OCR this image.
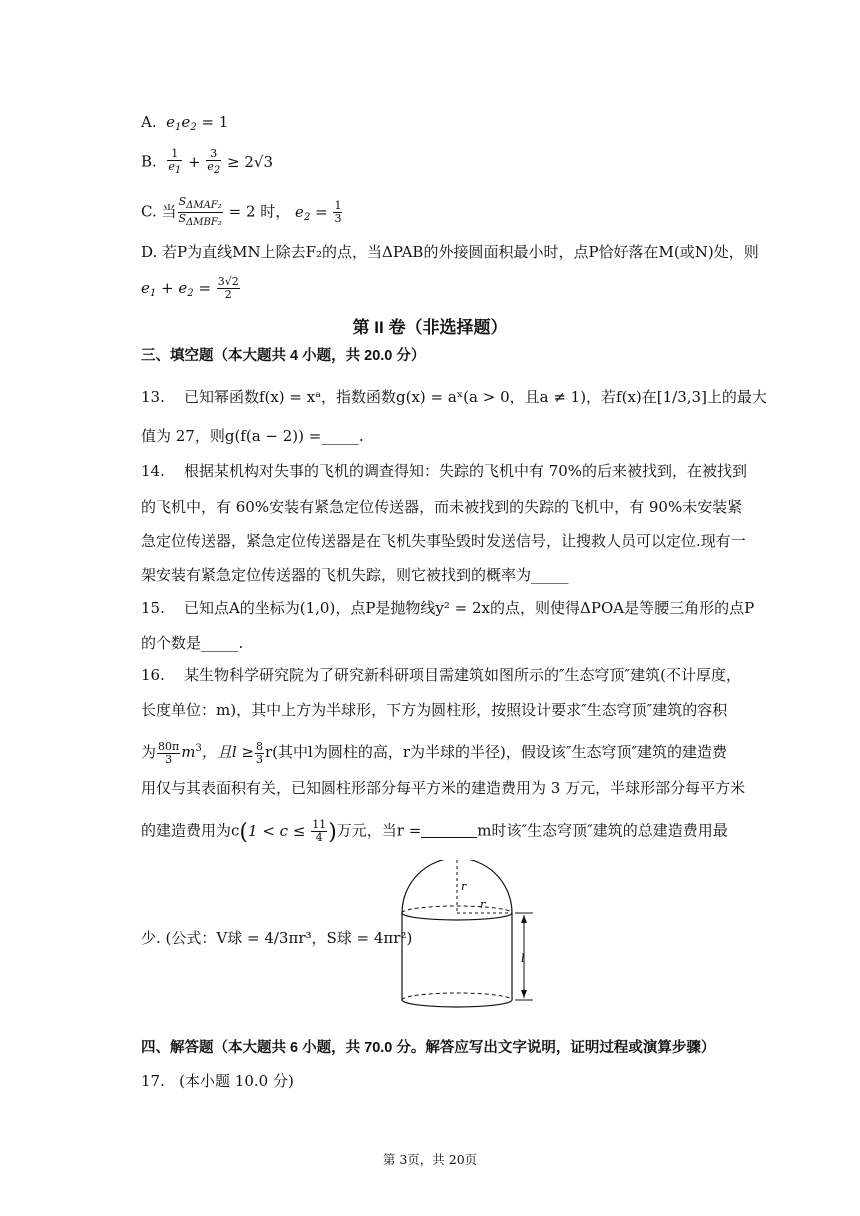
A.  $e_1e_2 = 1$
B. $\frac{1}{e1} + \frac{3}{e2} \ge 2√3$
C. 当 $\frac{\text{SΔMAF₂}}{\text{SΔMBF₂}} = 2$ 时， $e_2 = \frac{1}{3}$
D. 若P为直线MN上除去F₂的点，当ΔPAB的外接圆面积最小时，点P恰好落在M(或N)处，则
$e_1 + e_2 = \frac{3√2}{2}$
第 II 卷（非选择题）
三、填空题（本大题共 4 小题，共 20.0 分）
13. 已知幂函数f(x) = xᵃ，指数函数g(x) = aˣ(a > 0，且a ≠ 1)，若f(x)在[1/3,3]上的最大
值为 27，则g(f(a − 2)) =_____.
14. 根据某机构对失事的飞机的调查得知：失踪的飞机中有 70%的后来被找到，在被找到
的飞机中，有 60%安装有紧急定位传送器，而未被找到的失踪的飞机中，有 90%未安装紧
急定位传送器，紧急定位传送器是在飞机失事坠毁时发送信号，让搜救人员可以定位.现有一
架安装有紧急定位传送器的飞机失踪，则它被找到的概率为_____
15. 已知点A的坐标为(1,0)，点P是抛物线y² = 2x的点，则使得ΔPOA是等腰三角形的点P
的个数是_____.
16. 某生物科学研究院为了研究新科研项目需建筑如图所示的″生态穹顶″建筑(不计厚度，
长度单位：m)，其中上方为半球形，下方为圆柱形，按照设计要求″生态穹顶″建筑的容积
为 $\frac{80\pi}{3} m^3$，且$l \ge \frac{8}{3} r$(其中l为圆柱的高，r为半球的半径)，假设该″生态穹顶″建筑的建造费
用仅与其表面积有关，已知圆柱形部分每平方米的建造费用为 3 万元，半球形部分每平方米
的建造费用为$c(1 < c \le \frac{11}{4}$ )万元，当r =	m时该″生态穹顶″建筑的总建造费用最
少. (公式：V球 = 4/3πr³，S球 = 4πr²)
r
r
l
四、解答题（本大题共 6 小题，共 70.0 分。解答应写出文字说明，证明过程或演算步骤）
17. (本小题 10.0 分)
第 3页，共 20页
